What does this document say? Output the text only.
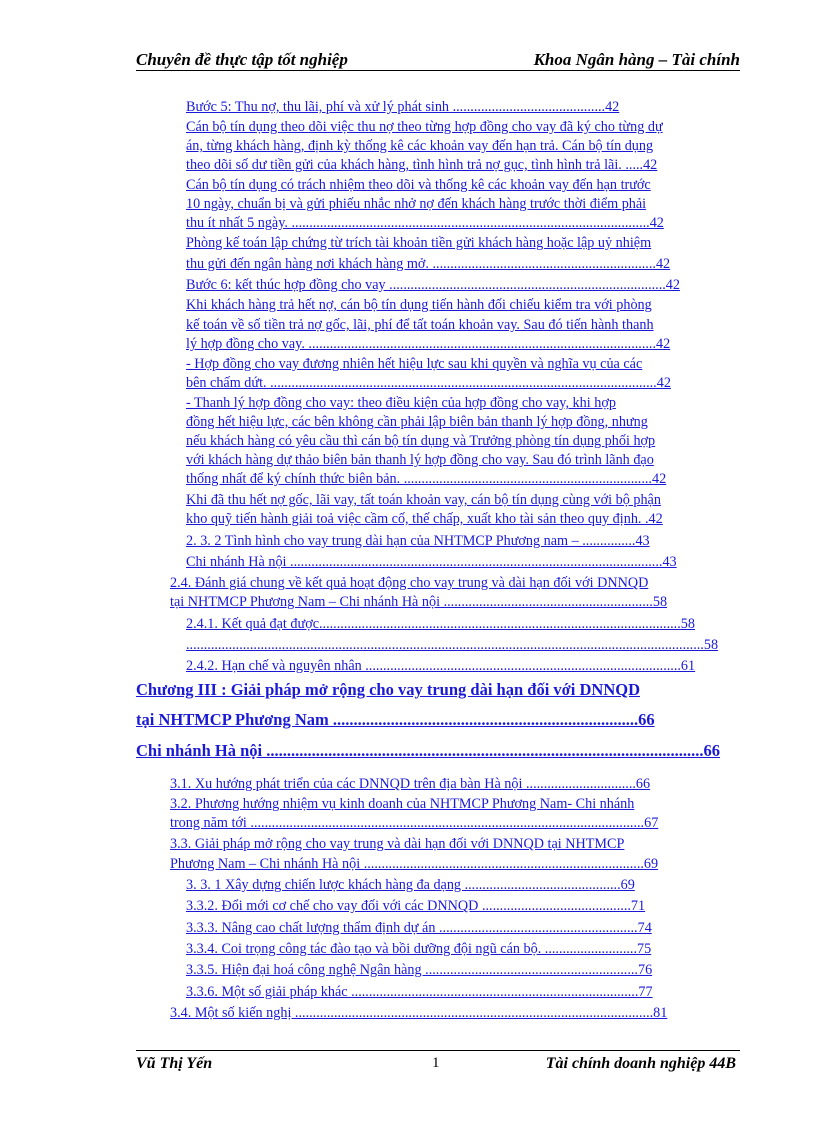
Chuyên đề thực tập tốt nghiệp	Khoa Ngân hàng – Tài chính
Bước 5: Thu nợ, thu lãi, phí và xử lý phát sinh ...........................................42
Cán bộ tín dụng theo dõi việc thu nợ theo từng hợp đồng cho vay đã ký cho từng dự
án, từng khách hàng, định kỳ thống kê các khoản vay đến hạn trả. Cán bộ tín dụng
theo dõi số dư tiền gửi của khách hàng, tình hình trả nợ gục, tình hình trả lãi. .....42
Cán bộ tín dụng có trách nhiệm theo dõi và thống kê các khoản vay đến hạn trước
10 ngày, chuẩn bị và gửi phiếu nhắc nhở nợ đến khách hàng trước thời điểm phải
thu ít nhất 5 ngày. .....................................................................................................42
Phòng kế toán lập chứng từ trích tài khoản tiền gửi khách hàng hoặc lập uỷ nhiệm
thu gửi đến ngân hàng nơi khách hàng mở. ...............................................................42
Bước 6: kết thúc hợp đồng cho vay ..............................................................................42
Khi khách hàng trả hết nợ, cán bộ tín dụng tiến hành đối chiếu kiểm tra với phòng
kế toán về số tiền trả nợ gốc, lãi, phí để tất toán khoản vay. Sau đó tiến hành thanh
lý hợp đồng cho vay. ..................................................................................................42
- Hợp đồng cho vay đương nhiên hết hiệu lực sau khi quyền và nghĩa vụ của các
bên chấm dứt. .............................................................................................................42
- Thanh lý hợp đồng cho vay: theo điều kiện của hợp đồng cho vay, khi hợp
đồng hết hiệu lực, các bên không cần phải lập biên bản thanh lý hợp đồng, nhưng
nếu khách hàng có yêu cầu thì cán bộ tín dụng và Trưởng phòng tín dụng phối hợp
với khách hàng dự thảo biên bản thanh lý hợp đồng cho vay. Sau đó trình lãnh đạo
thống nhất để ký chính thức biên bản. ......................................................................42
Khi đã thu hết nợ gốc, lãi vay, tất toán khoản vay, cán bộ tín dụng cùng với bộ phận
kho quỹ tiến hành giải toả việc cầm cố, thế chấp, xuất kho tài sản theo quy định. .42
2. 3. 2 Tình hình cho vay trung dài hạn của NHTMCP Phương nam – ...............43
Chi nhánh Hà nội .........................................................................................................43
2.4. Đánh giá chung về kết quả hoạt động cho vay trung và dài hạn đối với DNNQD
tại NHTMCP Phương Nam – Chi nhánh Hà nội ...........................................................58
2.4.1. Kết quả đạt được......................................................................................................58
..................................................................................................................................................58
2.4.2. Hạn chế và nguyên nhân .........................................................................................61
Chương III : Giải pháp mở rộng cho vay trung dài hạn đối với DNNQD
tại NHTMCP Phương Nam ..........................................................................66
Chi nhánh Hà nội ..........................................................................................................66
3.1. Xu hướng phát triển của các DNNQD trên địa bàn Hà nội ...............................66
3.2. Phương hướng nhiệm vụ kinh doanh của NHTMCP Phương Nam- Chi nhánh
trong năm tới ...............................................................................................................67
3.3. Giải pháp mở rộng cho vay trung và dài hạn đối với DNNQD tại NHTMCP
Phương Nam – Chi nhánh Hà nội ...............................................................................69
3. 3. 1 Xây dựng chiến lược khách hàng đa dạng ............................................69
3.3.2. Đổi mới cơ chế cho vay đối với các DNNQD ..........................................71
3.3.3. Nâng cao chất lượng thẩm định dự án ........................................................74
3.3.4. Coi trọng công tác đào tạo và bồi dưỡng đội ngũ cán bộ. ..........................75
3.3.5. Hiện đại hoá công nghệ Ngân hàng ............................................................76
3.3.6. Một số giải pháp khác .................................................................................77
3.4. Một số kiến nghị .....................................................................................................81
Vũ Thị Yến	1	Tài chính doanh nghiệp 44B
